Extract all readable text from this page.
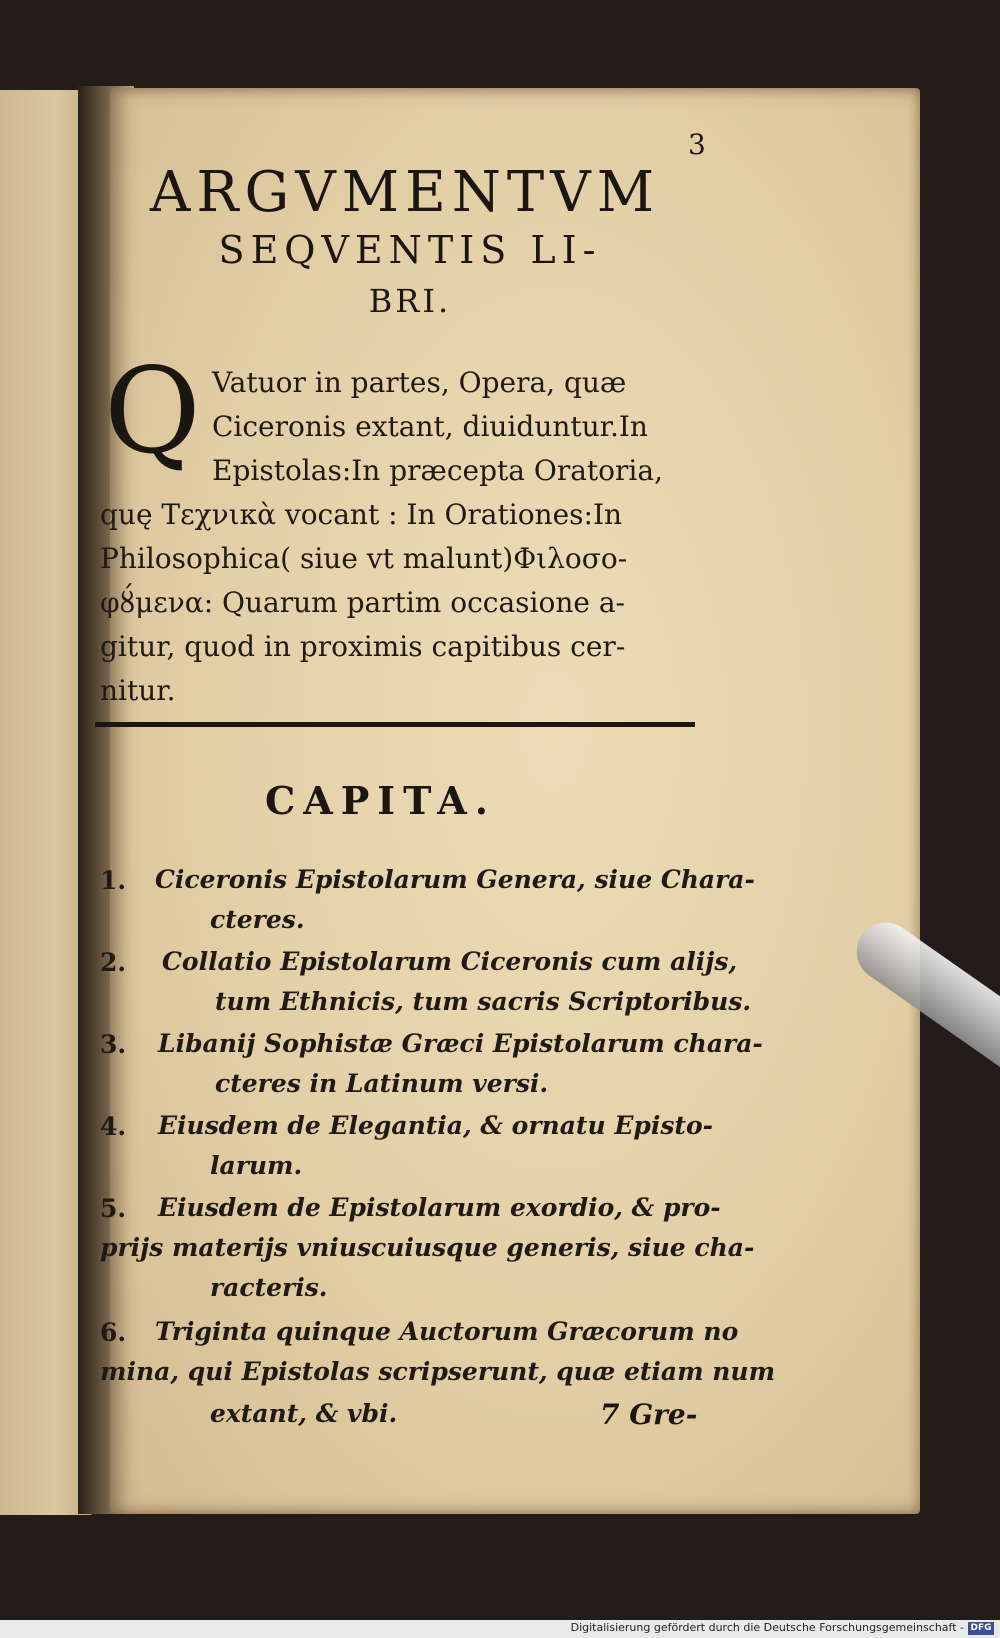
3

ARGVMENTVM

SEQVENTIS LI-

BRI.

Q Vatuor in partes, Opera, quæ

Ciceronis extant, diuiduntur.In

Epistolas:In præcepta Oratoria,

quę Τεχνικὰ vocant : In Orationes:In

Philosophica( siue vt malunt)Φιλοσο-

φȣ́μενα: Quarum partim occasione a-

gitur, quod in proximis capitibus cer-

nitur.

CAPITA.

1. Ciceronis Epistolarum Genera, siue Chara-

cteres.

2. Collatio Epistolarum Ciceronis cum alijs,

tum Ethnicis, tum sacris Scriptoribus.

3. Libanij Sophistæ Græci Epistolarum chara-

cteres in Latinum versi.

4. Eiusdem de Elegantia, & ornatu Episto-

larum.

5. Eiusdem de Epistolarum exordio, & pro-

prijs materijs vniuscuiusque generis, siue cha-

racteris.

6. Triginta quinque Auctorum Græcorum no

mina, qui Epistolas scripserunt, quæ etiam num

extant, & vbi.	7 Gre-

Digitalisierung gefördert durch die Deutsche Forschungsgemeinschaft - DFG
